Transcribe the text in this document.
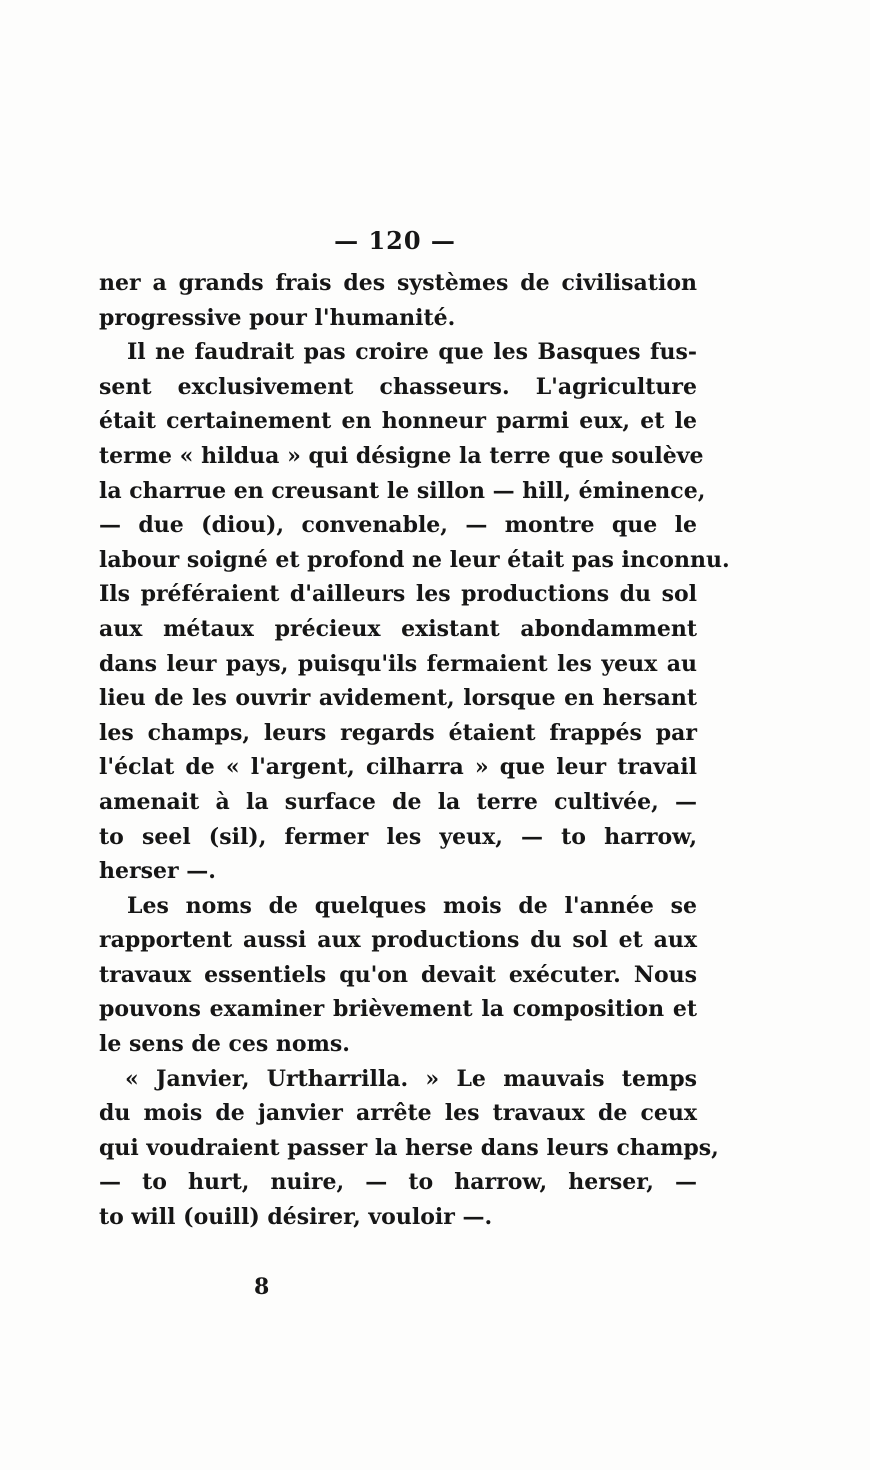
— 120 —
ner a grands frais des systèmes de civilisation
progressive pour l'humanité.
Il ne faudrait pas croire que les Basques fus-
sent exclusivement chasseurs. L'agriculture
était certainement en honneur parmi eux, et le
terme « hildua » qui désigne la terre que soulève
la charrue en creusant le sillon — hill, éminence,
— due (diou), convenable, — montre que le
labour soigné et profond ne leur était pas inconnu.
Ils préféraient d'ailleurs les productions du sol
aux métaux précieux existant abondamment
dans leur pays, puisqu'ils fermaient les yeux au
lieu de les ouvrir avidement, lorsque en hersant
les champs, leurs regards étaient frappés par
l'éclat de « l'argent, cilharra » que leur travail
amenait à la surface de la terre cultivée, —
to seel (sil), fermer les yeux, — to harrow,
herser —.
Les noms de quelques mois de l'année se
rapportent aussi aux productions du sol et aux
travaux essentiels qu'on devait exécuter. Nous
pouvons examiner brièvement la composition et
le sens de ces noms.
« Janvier, Urtharrilla. » Le mauvais temps
du mois de janvier arrête les travaux de ceux
qui voudraient passer la herse dans leurs champs,
— to hurt, nuire, — to harrow, herser, —
to will (ouill) désirer, vouloir —.
8
